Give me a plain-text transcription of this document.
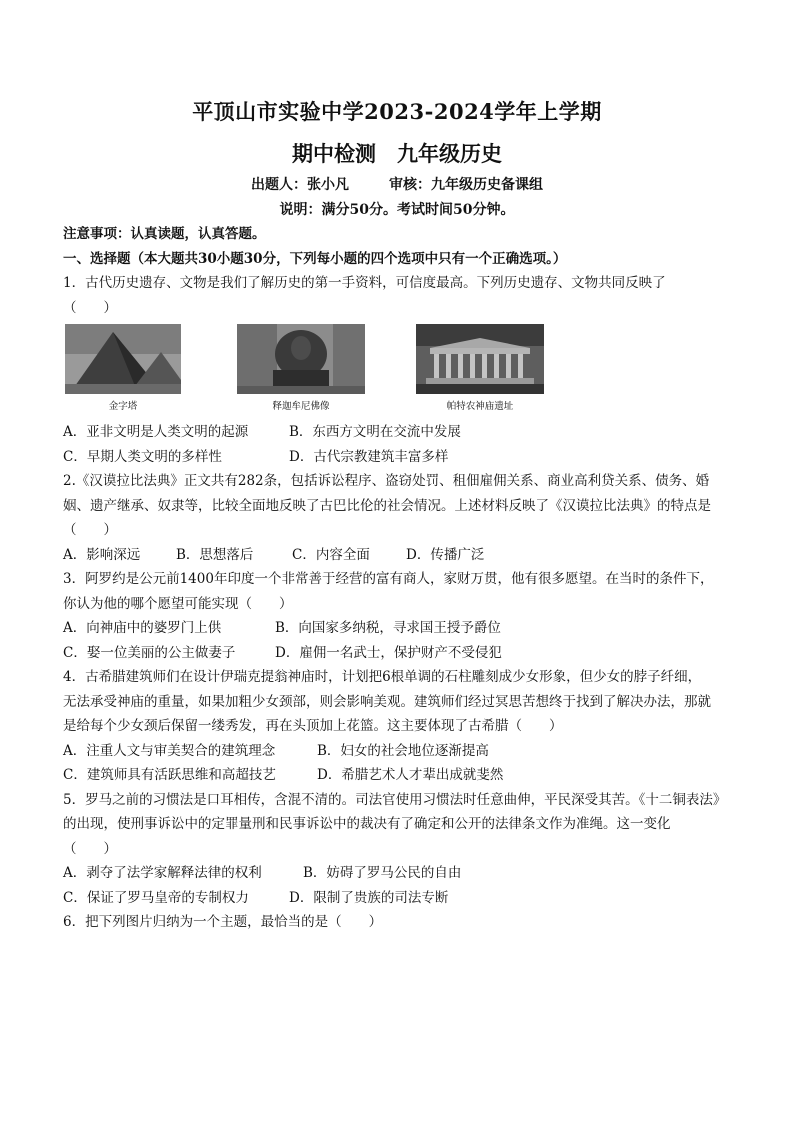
平顶山市实验中学2023-2024学年上学期
期中检测　九年级历史
出题人：张小凡	审核：九年级历史备课组
说明：满分50分。考试时间50分钟。
注意事项：认真读题，认真答题。
一、选择题（本大题共30小题30分，下列每小题的四个选项中只有一个正确选项。）
1．古代历史遗存、文物是我们了解历史的第一手资料，可信度最高。下列历史遗存、文物共同反映了
（　　）
金字塔	释迦牟尼佛像	帕特农神庙遗址
A．亚非文明是人类文明的起源	B．东西方文明在交流中发展
C．早期人类文明的多样性	D．古代宗教建筑丰富多样
2.《汉谟拉比法典》正文共有282条，包括诉讼程序、盗窃处罚、租佃雇佣关系、商业高利贷关系、债务、婚
姻、遗产继承、奴隶等，比较全面地反映了古巴比伦的社会情况。上述材料反映了《汉谟拉比法典》的特点是
（　　）
A．影响深远	B．思想落后	C．内容全面	D．传播广泛
3．阿罗约是公元前1400年印度一个非常善于经营的富有商人，家财万贯，他有很多愿望。在当时的条件下，
你认为他的哪个愿望可能实现（　　）
A．向神庙中的婆罗门上供	B．向国家多纳税，寻求国王授予爵位
C．娶一位美丽的公主做妻子	D．雇佣一名武士，保护财产不受侵犯
4．古希腊建筑师们在设计伊瑞克提翁神庙时，计划把6根单调的石柱雕刻成少女形象，但少女的脖子纤细，
无法承受神庙的重量，如果加粗少女颈部，则会影响美观。建筑师们经过冥思苦想终于找到了解决办法，那就
是给每个少女颈后保留一缕秀发，再在头顶加上花篮。这主要体现了古希腊（　　）
A．注重人文与审美契合的建筑理念	B．妇女的社会地位逐渐提高
C．建筑师具有活跃思维和高超技艺	D．希腊艺术人才辈出成就斐然
5．罗马之前的习惯法是口耳相传，含混不清的。司法官使用习惯法时任意曲伸，平民深受其苦。《十二铜表法》
的出现，使刑事诉讼中的定罪量刑和民事诉讼中的裁决有了确定和公开的法律条文作为准绳。这一变化
（　　）
A．剥夺了法学家解释法律的权利	B．妨碍了罗马公民的自由
C．保证了罗马皇帝的专制权力	D．限制了贵族的司法专断
6．把下列图片归纳为一个主题，最恰当的是（　　）
